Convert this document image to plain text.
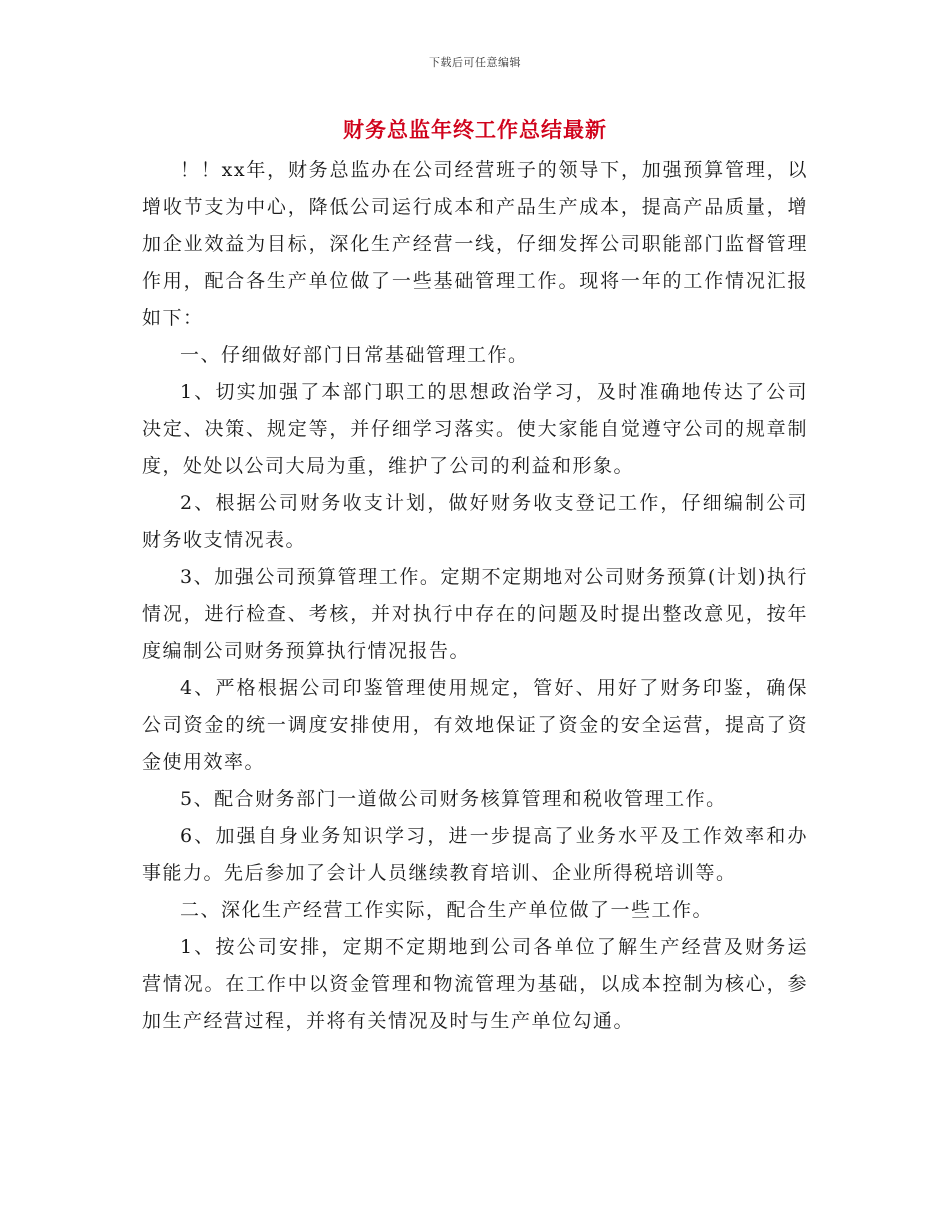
下载后可任意编辑
财务总监年终工作总结最新

！！xx年，财务总监办在公司经营班子的领导下，加强预算管理，以增收节支为中心，降低公司运行成本和产品生产成本，提高产品质量，增加企业效益为目标，深化生产经营一线，仔细发挥公司职能部门监督管理作用，配合各生产单位做了一些基础管理工作。现将一年的工作情况汇报如下：

一、仔细做好部门日常基础管理工作。

1、切实加强了本部门职工的思想政治学习，及时准确地传达了公司决定、决策、规定等，并仔细学习落实。使大家能自觉遵守公司的规章制度，处处以公司大局为重，维护了公司的利益和形象。

2、根据公司财务收支计划，做好财务收支登记工作，仔细编制公司财务收支情况表。

3、加强公司预算管理工作。定期不定期地对公司财务预算(计划)执行情况，进行检查、考核，并对执行中存在的问题及时提出整改意见，按年度编制公司财务预算执行情况报告。

4、严格根据公司印鉴管理使用规定，管好、用好了财务印鉴，确保公司资金的统一调度安排使用，有效地保证了资金的安全运营，提高了资金使用效率。

5、配合财务部门一道做公司财务核算管理和税收管理工作。

6、加强自身业务知识学习，进一步提高了业务水平及工作效率和办事能力。先后参加了会计人员继续教育培训、企业所得税培训等。

二、深化生产经营工作实际，配合生产单位做了一些工作。

1、按公司安排，定期不定期地到公司各单位了解生产经营及财务运营情况。在工作中以资金管理和物流管理为基础，以成本控制为核心，参加生产经营过程，并将有关情况及时与生产单位勾通。
